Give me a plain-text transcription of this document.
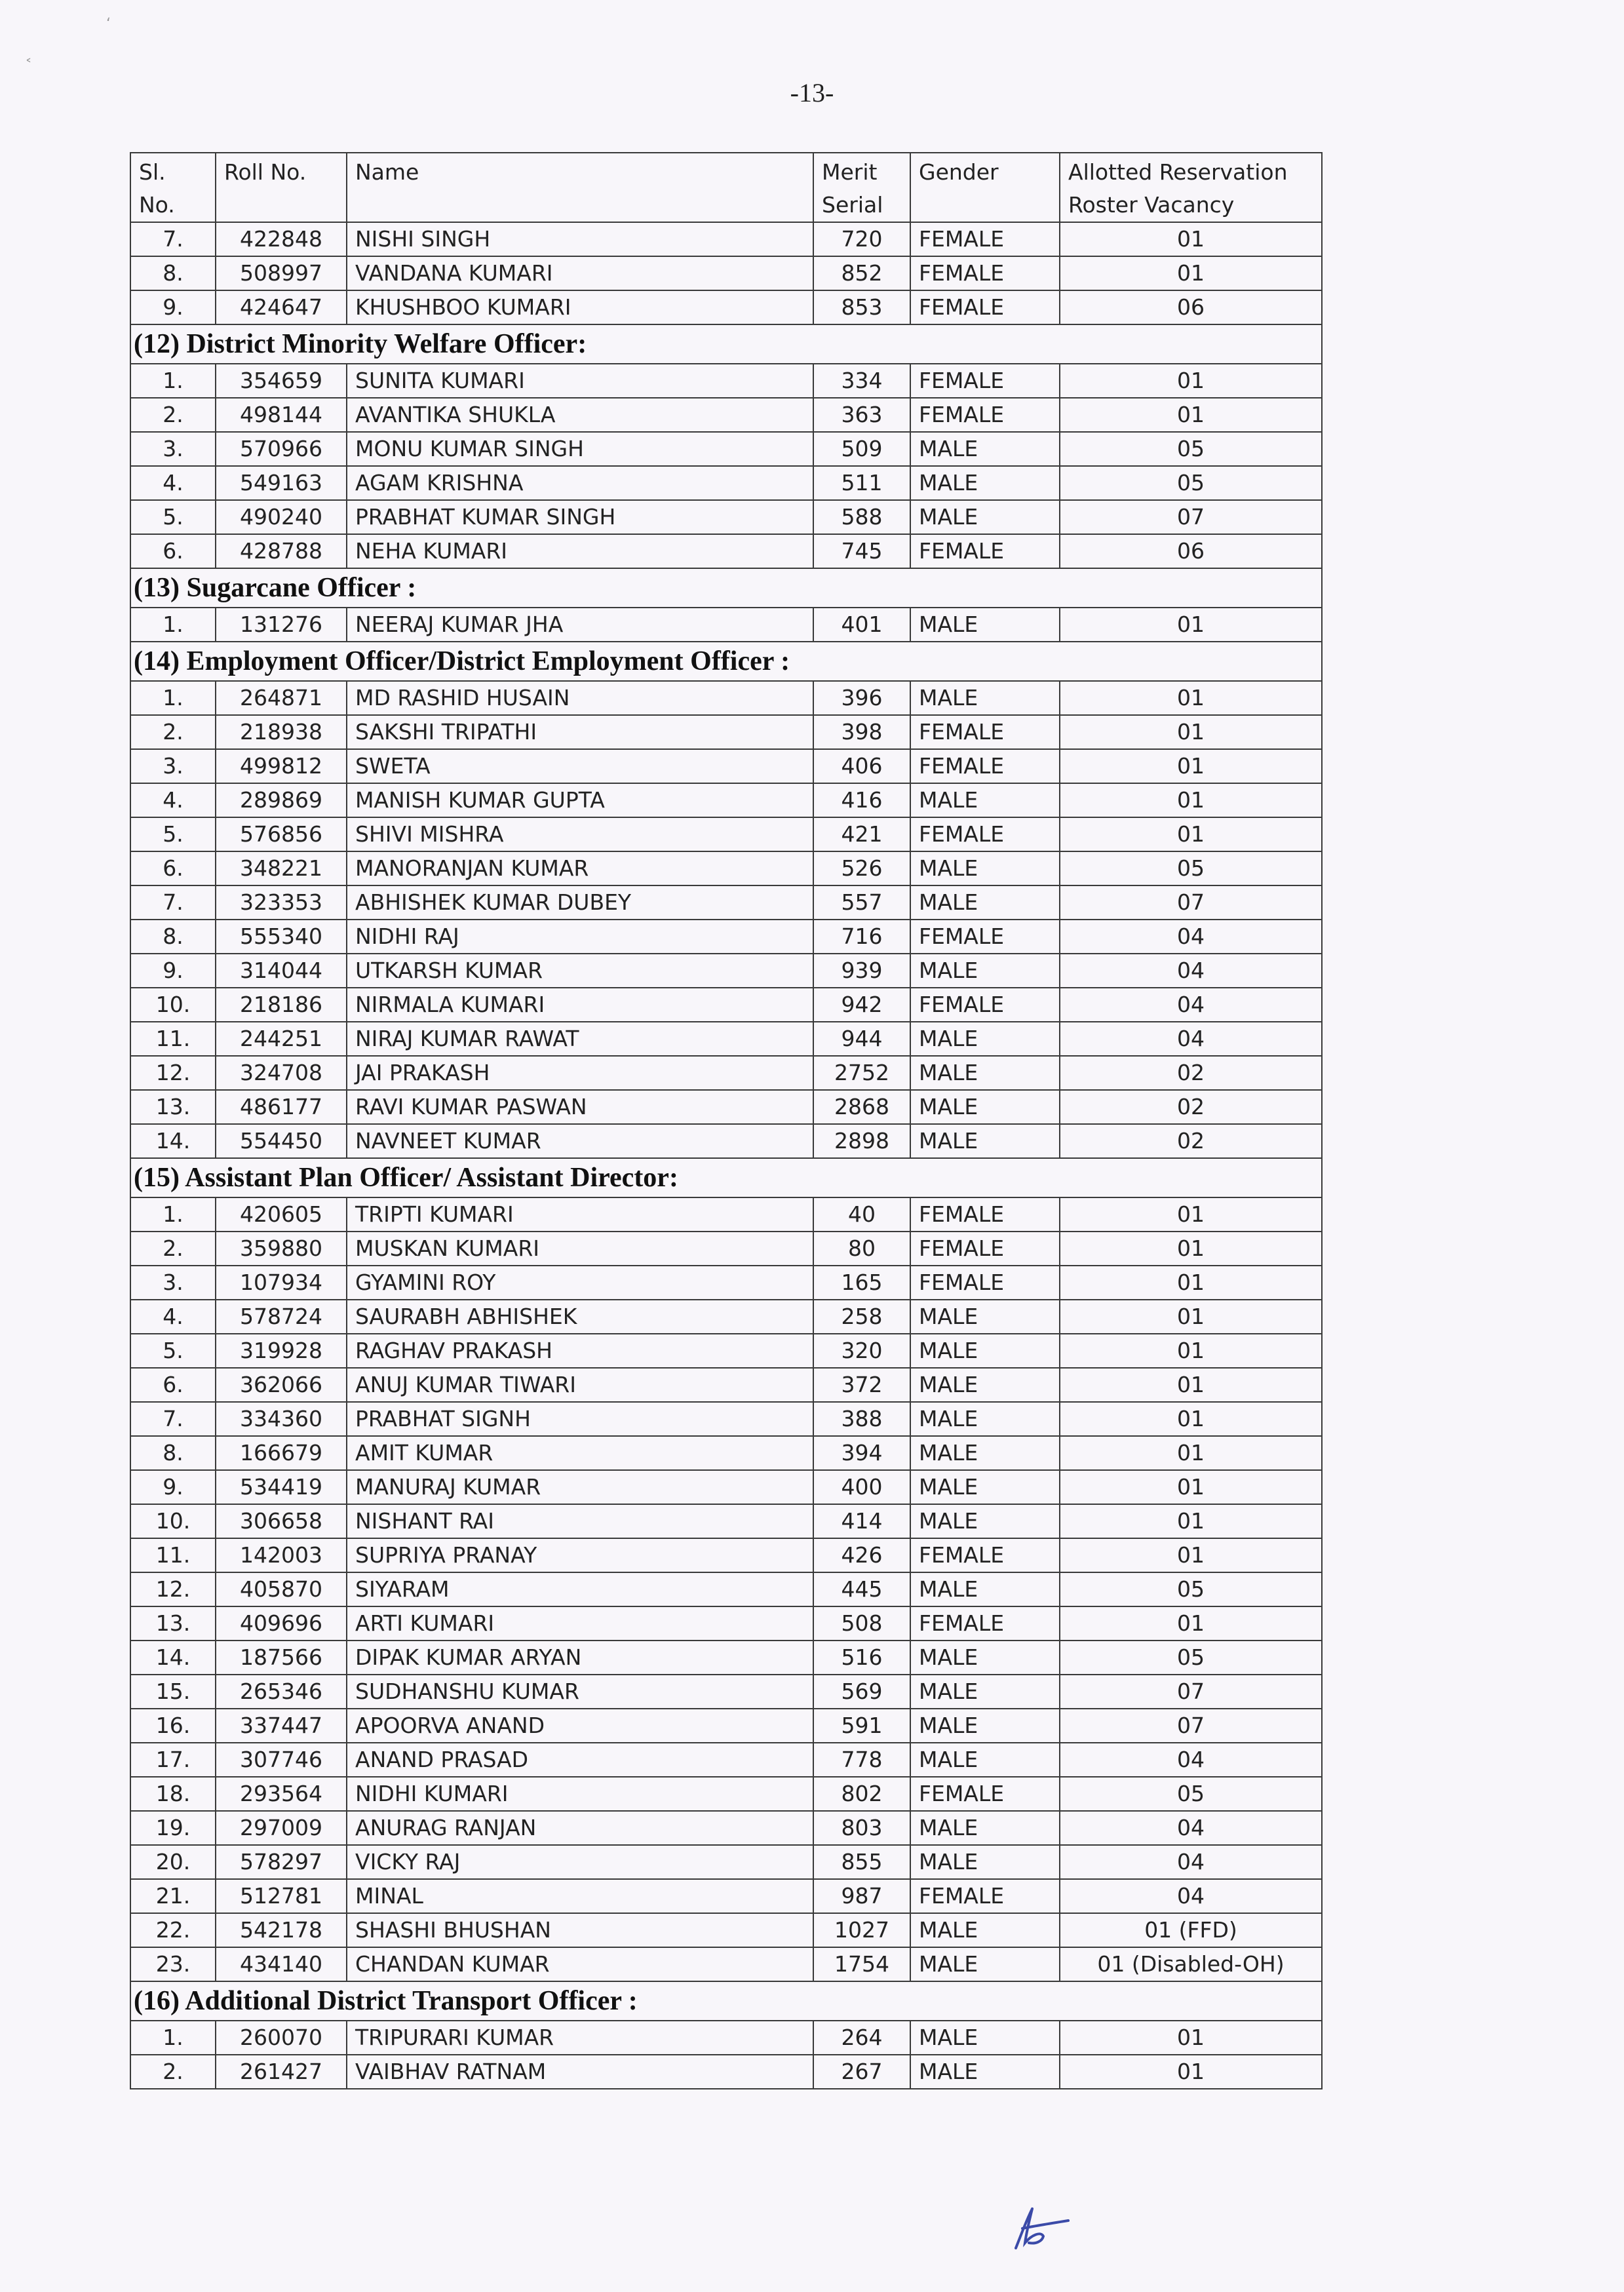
-13-
Sl. No.	Roll No.	Name	Merit Serial	Gender	Allotted Reservation Roster Vacancy
7.	422848	NISHI SINGH	720	FEMALE	01
8.	508997	VANDANA KUMARI	852	FEMALE	01
9.	424647	KHUSHBOO KUMARI	853	FEMALE	06
(12) District Minority Welfare Officer:					
1.	354659	SUNITA KUMARI	334	FEMALE	01
2.	498144	AVANTIKA SHUKLA	363	FEMALE	01
3.	570966	MONU KUMAR SINGH	509	MALE	05
4.	549163	AGAM KRISHNA	511	MALE	05
5.	490240	PRABHAT KUMAR SINGH	588	MALE	07
6.	428788	NEHA KUMARI	745	FEMALE	06
(13) Sugarcane Officer :					
1.	131276	NEERAJ KUMAR JHA	401	MALE	01
(14) Employment Officer/District Employment Officer :					
1.	264871	MD RASHID HUSAIN	396	MALE	01
2.	218938	SAKSHI TRIPATHI	398	FEMALE	01
3.	499812	SWETA	406	FEMALE	01
4.	289869	MANISH KUMAR GUPTA	416	MALE	01
5.	576856	SHIVI MISHRA	421	FEMALE	01
6.	348221	MANORANJAN KUMAR	526	MALE	05
7.	323353	ABHISHEK KUMAR DUBEY	557	MALE	07
8.	555340	NIDHI RAJ	716	FEMALE	04
9.	314044	UTKARSH KUMAR	939	MALE	04
10.	218186	NIRMALA KUMARI	942	FEMALE	04
11.	244251	NIRAJ KUMAR RAWAT	944	MALE	04
12.	324708	JAI PRAKASH	2752	MALE	02
13.	486177	RAVI KUMAR PASWAN	2868	MALE	02
14.	554450	NAVNEET KUMAR	2898	MALE	02
(15) Assistant Plan Officer/ Assistant Director:					
1.	420605	TRIPTI KUMARI	40	FEMALE	01
2.	359880	MUSKAN KUMARI	80	FEMALE	01
3.	107934	GYAMINI ROY	165	FEMALE	01
4.	578724	SAURABH ABHISHEK	258	MALE	01
5.	319928	RAGHAV PRAKASH	320	MALE	01
6.	362066	ANUJ KUMAR TIWARI	372	MALE	01
7.	334360	PRABHAT SIGNH	388	MALE	01
8.	166679	AMIT KUMAR	394	MALE	01
9.	534419	MANURAJ KUMAR	400	MALE	01
10.	306658	NISHANT RAI	414	MALE	01
11.	142003	SUPRIYA PRANAY	426	FEMALE	01
12.	405870	SIYARAM	445	MALE	05
13.	409696	ARTI KUMARI	508	FEMALE	01
14.	187566	DIPAK KUMAR ARYAN	516	MALE	05
15.	265346	SUDHANSHU KUMAR	569	MALE	07
16.	337447	APOORVA ANAND	591	MALE	07
17.	307746	ANAND PRASAD	778	MALE	04
18.	293564	NIDHI KUMARI	802	FEMALE	05
19.	297009	ANURAG RANJAN	803	MALE	04
20.	578297	VICKY RAJ	855	MALE	04
21.	512781	MINAL	987	FEMALE	04
22.	542178	SHASHI BHUSHAN	1027	MALE	01 (FFD)
23.	434140	CHANDAN KUMAR	1754	MALE	01 (Disabled-OH)
(16) Additional District Transport Officer :					
1.	260070	TRIPURARI KUMAR	264	MALE	01
2.	261427	VAIBHAV RATNAM	267	MALE	01
ʻ
˂
